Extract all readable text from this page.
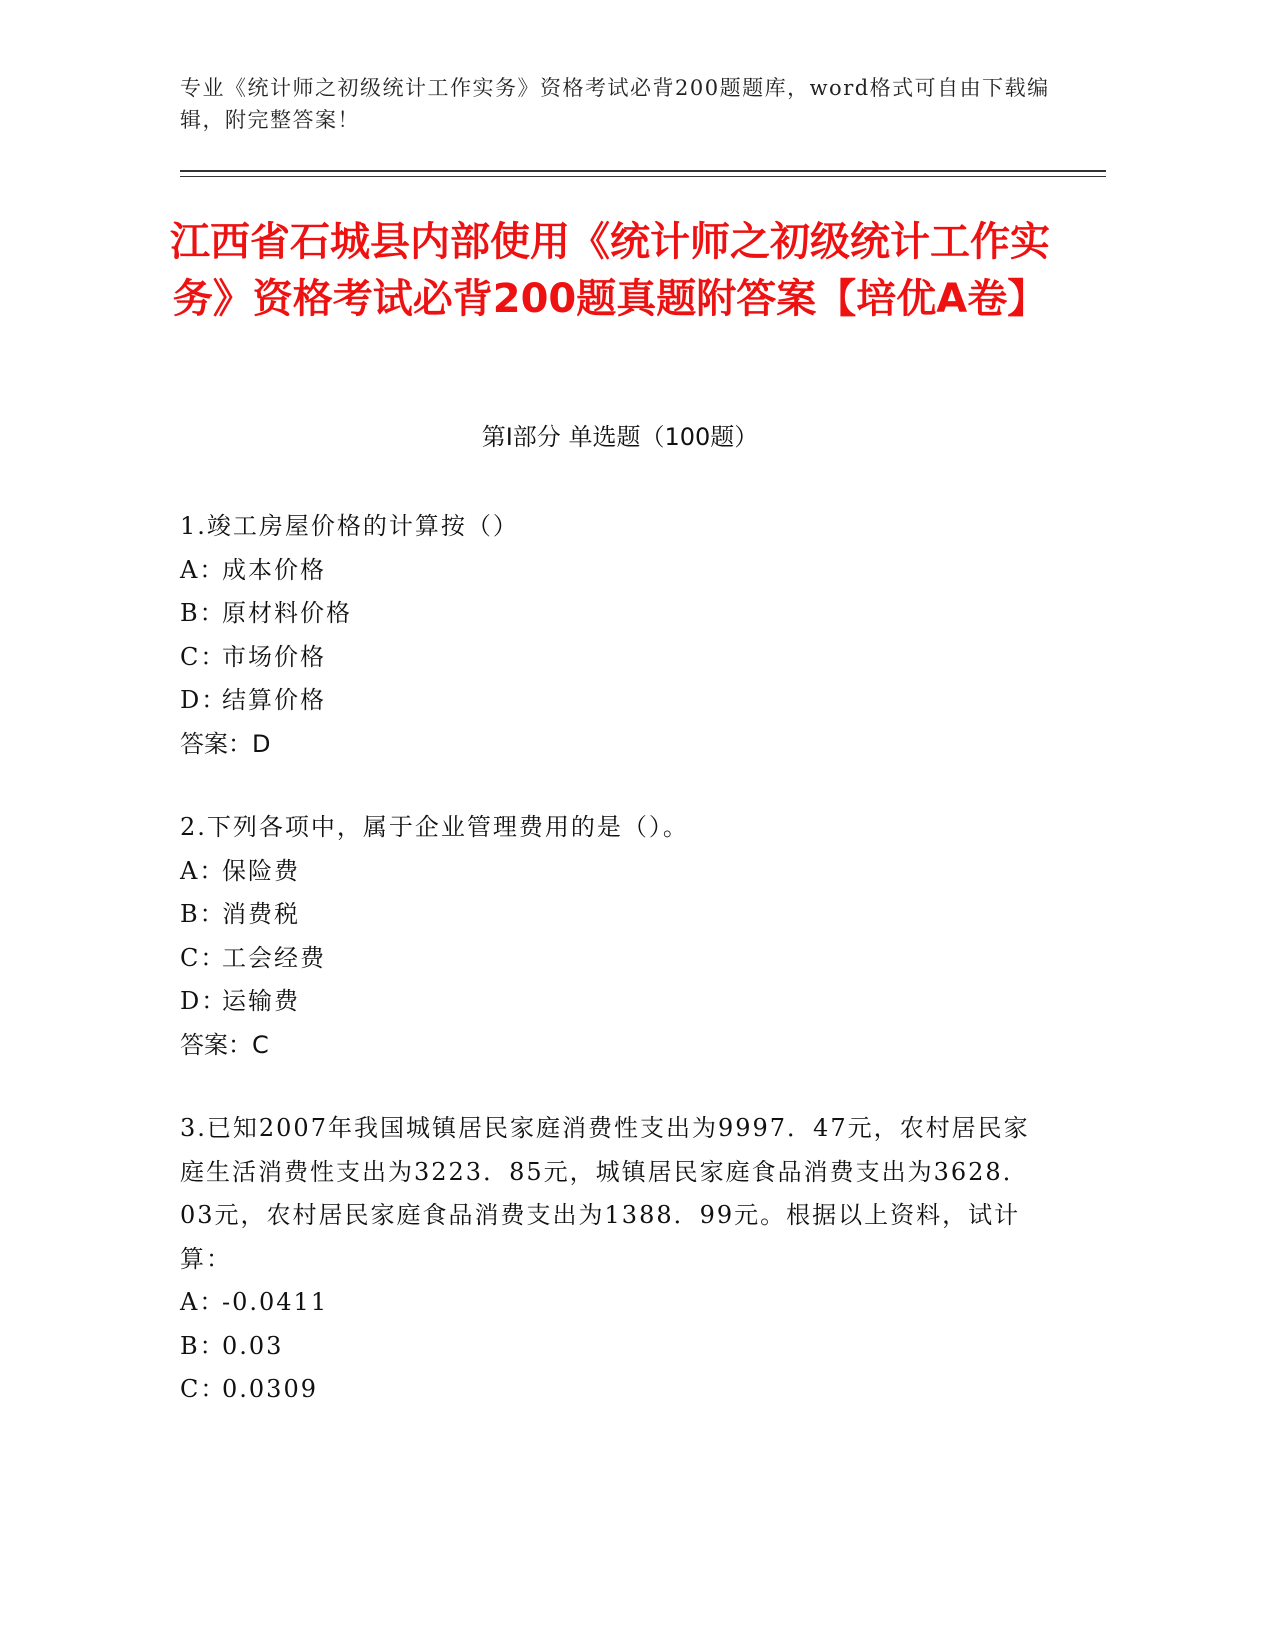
专业《统计师之初级统计工作实务》资格考试必背200题题库，word格式可自由下载编辑，附完整答案！
江西省石城县内部使用《统计师之初级统计工作实务》资格考试必背200题真题附答案【培优A卷】
第Ⅰ部分 单选题（100题）
1.竣工房屋价格的计算按（）
A：成本价格
B：原材料价格
C：市场价格
D：结算价格
答案：D
2.下列各项中，属于企业管理费用的是（）。
A：保险费
B：消费税
C：工会经费
D：运输费
答案：C
3.已知2007年我国城镇居民家庭消费性支出为9997．47元，农村居民家庭生活消费性支出为3223．85元，城镇居民家庭食品消费支出为3628．03元，农村居民家庭食品消费支出为1388．99元。根据以上资料，试计算：
A：-0.0411
B：0.03
C：0.0309
